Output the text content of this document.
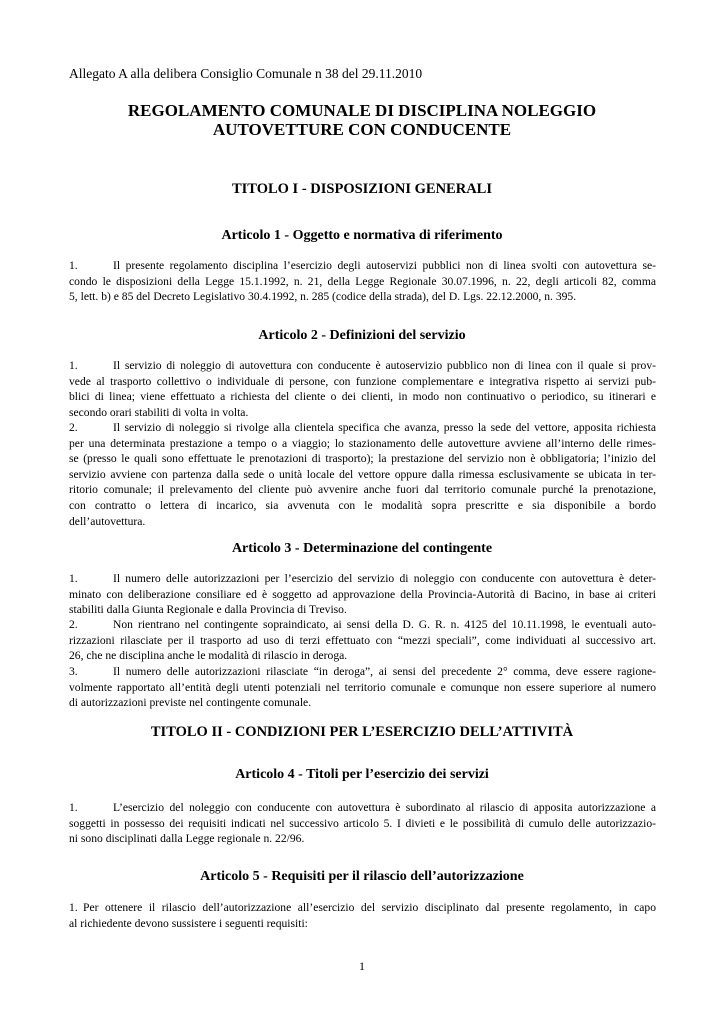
Allegato A alla delibera Consiglio Comunale n 38 del 29.11.2010
REGOLAMENTO COMUNALE DI DISCIPLINA NOLEGGIO
AUTOVETTURE CON CONDUCENTE
TITOLO I - DISPOSIZIONI GENERALI
Articolo 1 - Oggetto e normativa di riferimento
1.	Il presente regolamento disciplina l’esercizio degli autoservizi pubblici non di linea svolti con autovettura se-
condo le disposizioni della Legge 15.1.1992, n. 21, della Legge Regionale 30.07.1996, n. 22, degli articoli 82, comma
5, lett. b) e 85 del Decreto Legislativo 30.4.1992, n. 285 (codice della strada), del D. Lgs. 22.12.2000, n. 395.
Articolo 2 - Definizioni del servizio
1.	Il servizio di noleggio di autovettura con conducente è autoservizio pubblico non di linea con il quale si prov-
vede al trasporto collettivo o individuale di persone, con funzione complementare e integrativa rispetto ai servizi pub-
blici di linea; viene effettuato a richiesta del cliente o dei clienti, in modo non continuativo o periodico, su itinerari e
secondo orari stabiliti di volta in volta.
2.	Il servizio di noleggio si rivolge alla clientela specifica che avanza, presso la sede del vettore, apposita richiesta
per una determinata prestazione a tempo o a viaggio; lo stazionamento delle autovetture avviene all’interno delle rimes-
se (presso le quali sono effettuate le prenotazioni di trasporto); la prestazione del servizio non è obbligatoria; l’inizio del
servizio avviene con partenza dalla sede o unità locale del vettore oppure dalla rimessa esclusivamente se ubicata in ter-
ritorio comunale; il prelevamento del cliente può avvenire anche fuori dal territorio comunale purché la prenotazione,
con contratto o lettera di incarico, sia avvenuta con le modalità sopra prescritte e sia disponibile a bordo
dell’autovettura.
Articolo 3 - Determinazione del contingente
1.	Il numero delle autorizzazioni per l’esercizio del servizio di noleggio con conducente con autovettura è deter-
minato con deliberazione consiliare ed è soggetto ad approvazione della Provincia-Autorità di Bacino, in base ai criteri
stabiliti dalla Giunta Regionale e dalla Provincia di Treviso.
2.	Non rientrano nel contingente sopraindicato, ai sensi della D. G. R. n. 4125 del 10.11.1998, le eventuali auto-
rizzazioni rilasciate per il trasporto ad uso di terzi effettuato con “mezzi speciali”, come individuati al successivo art.
26, che ne disciplina anche le modalità di rilascio in deroga.
3.	Il numero delle autorizzazioni rilasciate “in deroga”, ai sensi del precedente 2° comma, deve essere ragione-
volmente rapportato all’entità degli utenti potenziali nel territorio comunale e comunque non essere superiore al numero
di autorizzazioni previste nel contingente comunale.
TITOLO II - CONDIZIONI PER L’ESERCIZIO DELL’ATTIVITÀ
Articolo 4 - Titoli per l’esercizio dei servizi
1.	L’esercizio del noleggio con conducente con autovettura è subordinato al rilascio di apposita autorizzazione a
soggetti in possesso dei requisiti indicati nel successivo articolo 5. I divieti e le possibilità di cumulo delle autorizzazio-
ni sono disciplinati dalla Legge regionale n. 22/96.
Articolo 5 - Requisiti per il rilascio dell’autorizzazione
1. Per ottenere il rilascio dell’autorizzazione all’esercizio del servizio disciplinato dal presente regolamento, in capo
al richiedente devono sussistere i seguenti requisiti:
1
